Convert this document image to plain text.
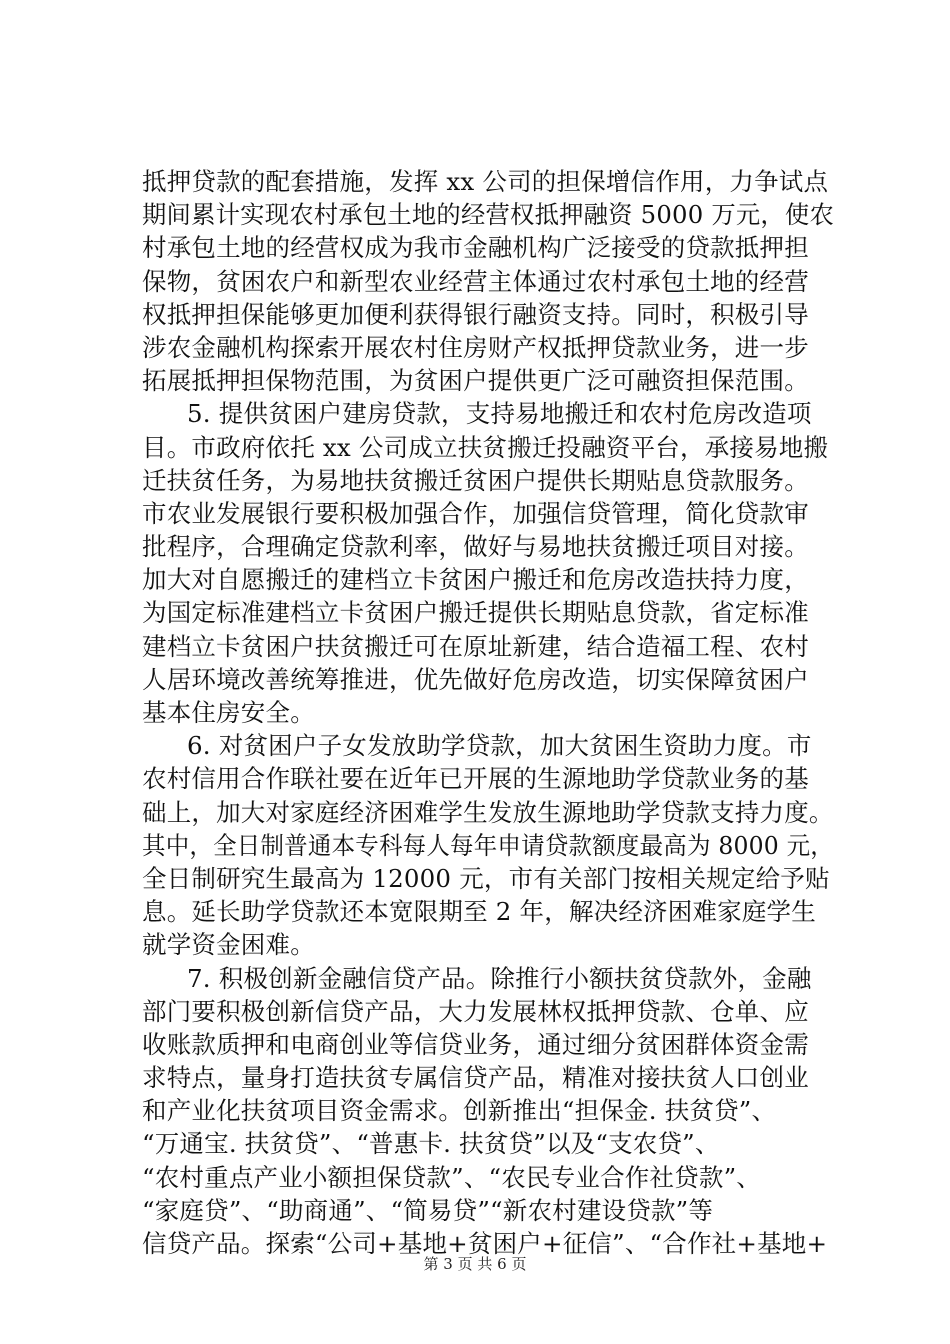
抵押贷款的配套措施，发挥 xx 公司的担保增信作用，力争试点
期间累计实现农村承包土地的经营权抵押融资 5000 万元，使农
村承包土地的经营权成为我市金融机构广泛接受的贷款抵押担
保物，贫困农户和新型农业经营主体通过农村承包土地的经营
权抵押担保能够更加便利获得银行融资支持。同时，积极引导
涉农金融机构探索开展农村住房财产权抵押贷款业务，进一步
拓展抵押担保物范围，为贫困户提供更广泛可融资担保范围。
5. 提供贫困户建房贷款，支持易地搬迁和农村危房改造项
目。市政府依托 xx 公司成立扶贫搬迁投融资平台，承接易地搬
迁扶贫任务，为易地扶贫搬迁贫困户提供长期贴息贷款服务。
市农业发展银行要积极加强合作，加强信贷管理，简化贷款审
批程序，合理确定贷款利率，做好与易地扶贫搬迁项目对接。
加大对自愿搬迁的建档立卡贫困户搬迁和危房改造扶持力度，
为国定标准建档立卡贫困户搬迁提供长期贴息贷款，省定标准
建档立卡贫困户扶贫搬迁可在原址新建，结合造福工程、农村
人居环境改善统筹推进，优先做好危房改造，切实保障贫困户
基本住房安全。
6. 对贫困户子女发放助学贷款，加大贫困生资助力度。市
农村信用合作联社要在近年已开展的生源地助学贷款业务的基
础上，加大对家庭经济困难学生发放生源地助学贷款支持力度。
其中，全日制普通本专科每人每年申请贷款额度最高为 8000 元，
全日制研究生最高为 12000 元，市有关部门按相关规定给予贴
息。延长助学贷款还本宽限期至 2 年，解决经济困难家庭学生
就学资金困难。
7. 积极创新金融信贷产品。除推行小额扶贫贷款外，金融
部门要积极创新信贷产品，大力发展林权抵押贷款、仓单、应
收账款质押和电商创业等信贷业务，通过细分贫困群体资金需
求特点，量身打造扶贫专属信贷产品，精准对接扶贫人口创业
和产业化扶贫项目资金需求。创新推出“担保金. 扶贫贷”、
“万通宝. 扶贫贷”、“普惠卡. 扶贫贷”以及“支农贷”、
“农村重点产业小额担保贷款”、“农民专业合作社贷款”、
“家庭贷”、“助商通”、“简易贷”“新农村建设贷款”等
信贷产品。探索“公司+基地+贫困户+征信”、“合作社+基地+
第 3 页 共 6 页
